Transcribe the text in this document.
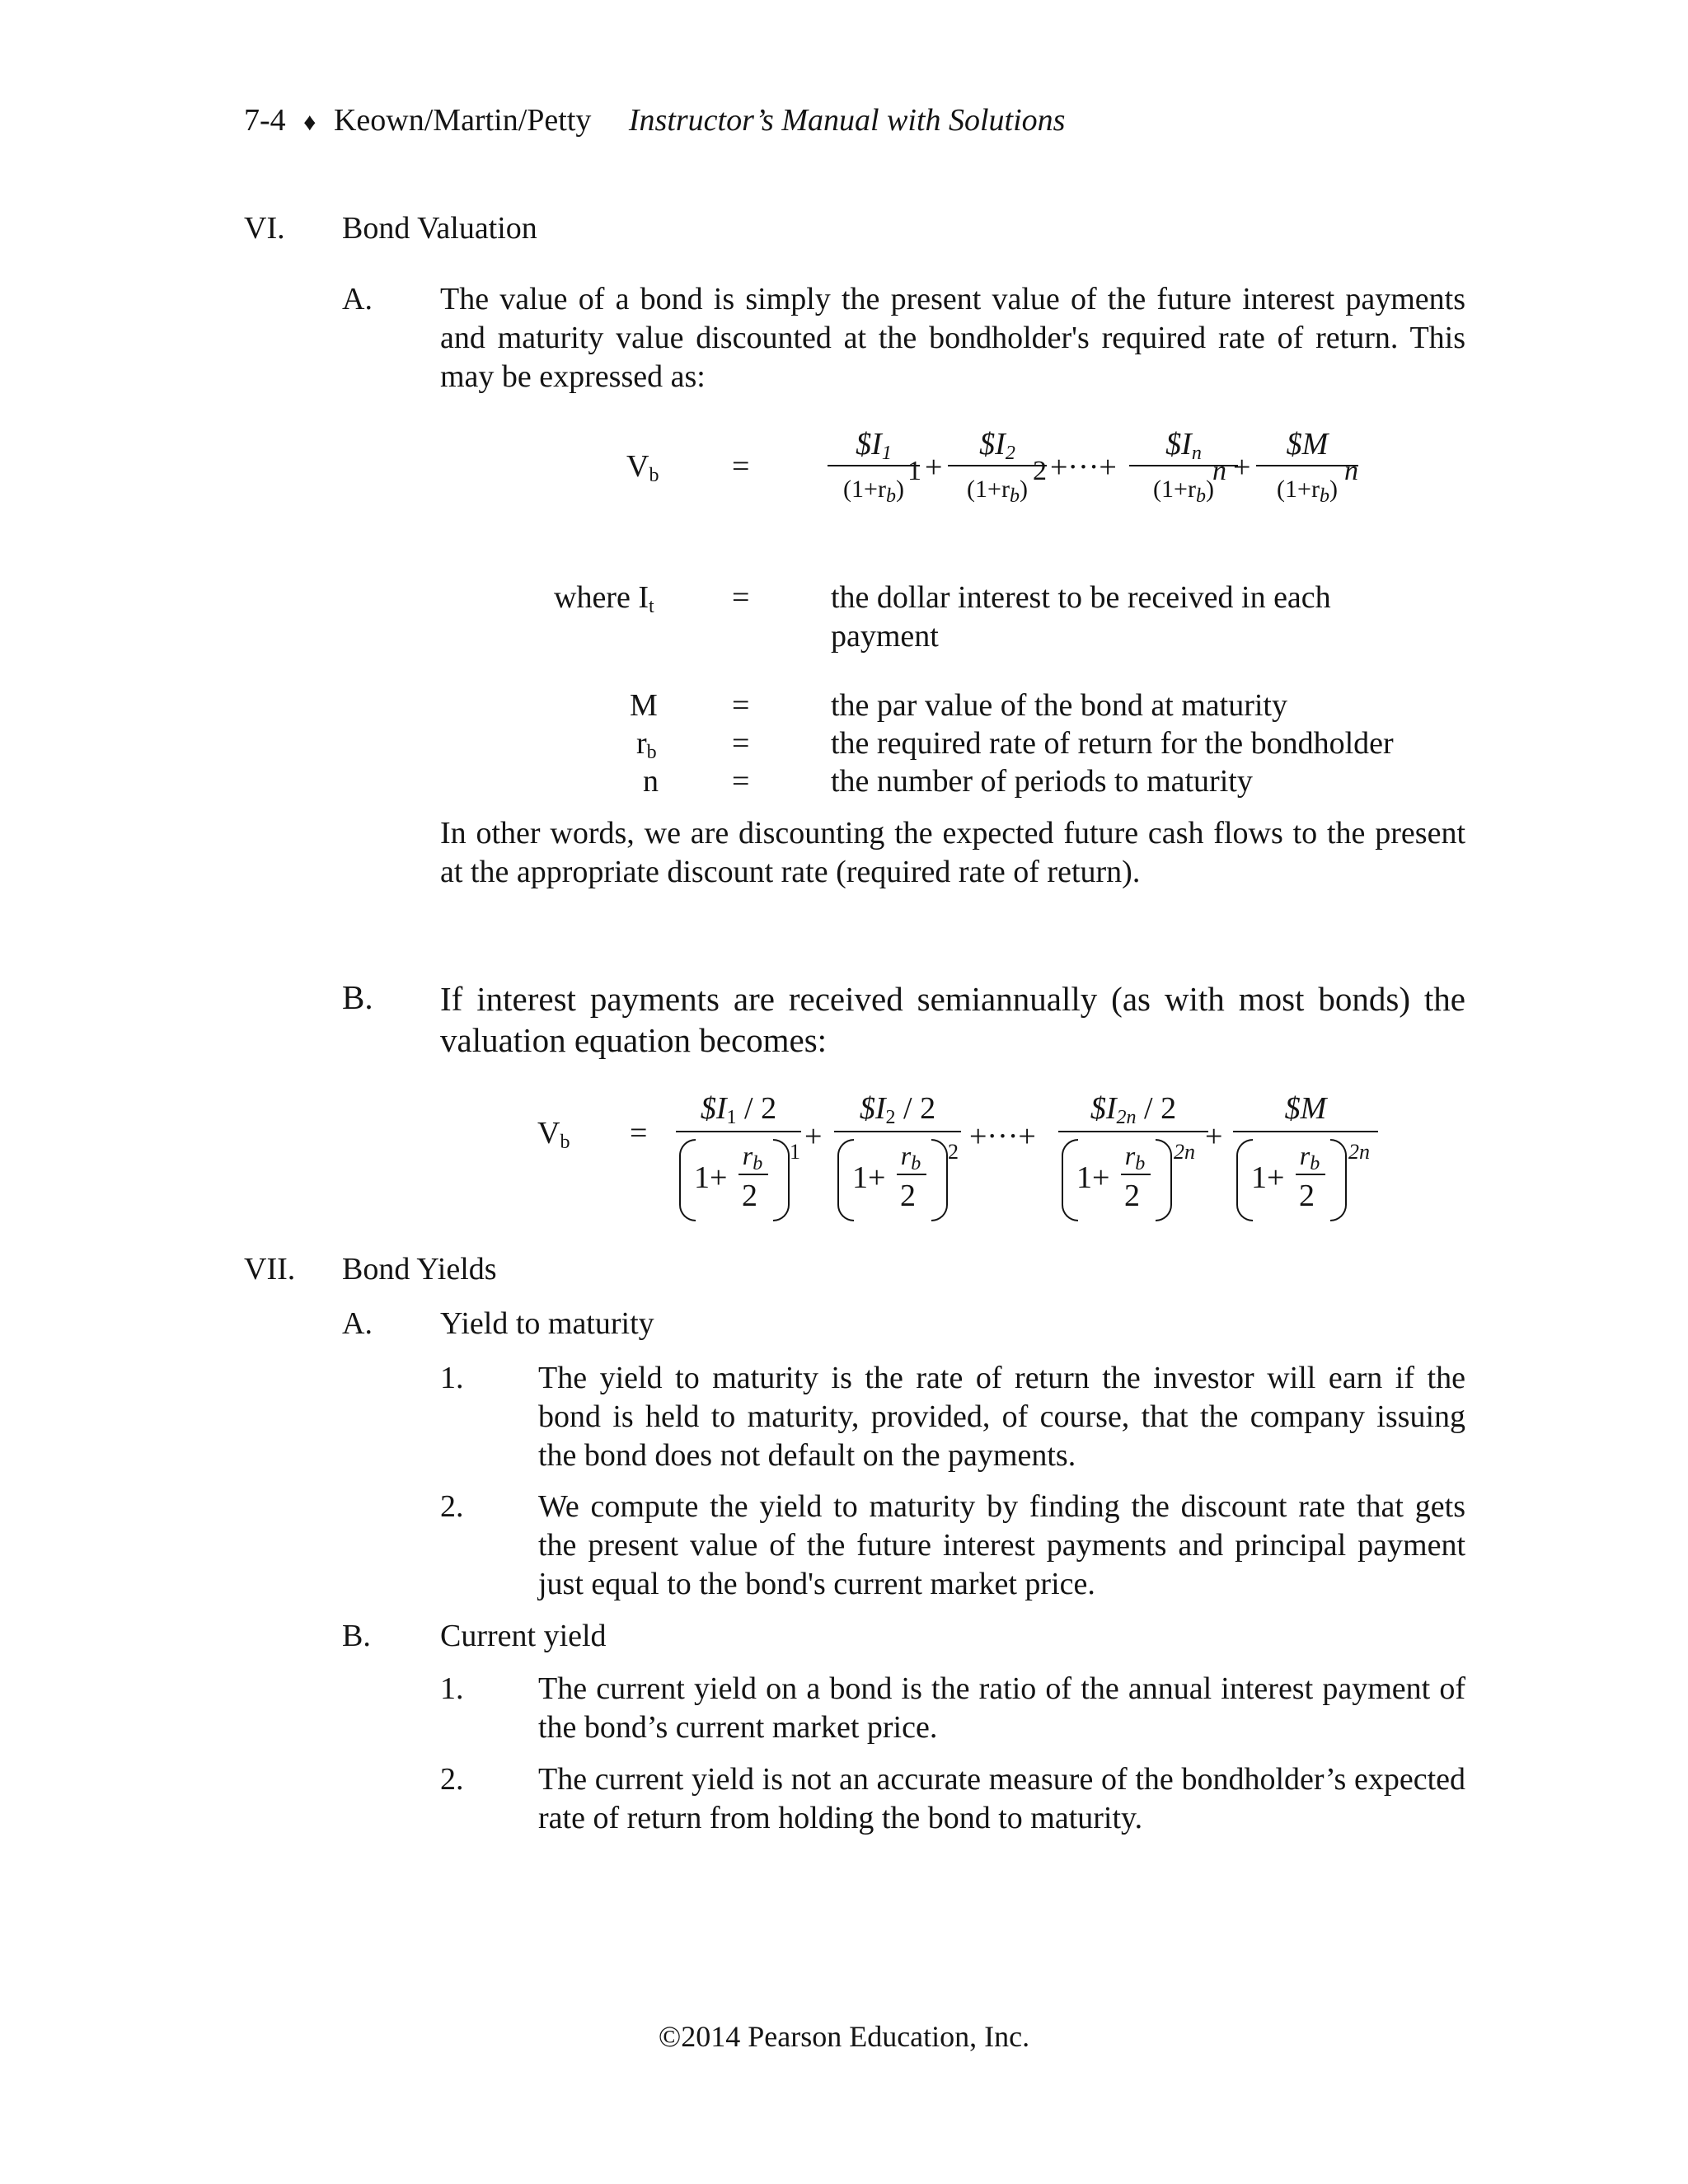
7-4 ♦ Keown/Martin/Petty Instructor’s Manual with Solutions
VI. Bond Valuation
A. The value of a bond is simply the present value of the future interest payments and maturity value discounted at the bondholder's required rate of return. This may be expressed as:
$V_b$ =
$\$I_1$
$(1+r_b)$
1 +
$\$I_2$
$(1+r_b)$
2 +···+
$\$I_n$
$(1+r_b)$
n +
$M
$(1+r_b)$
n
where $I_t$ =	the dollar interest to be received in each payment
M =	the par value of the bond at maturity
$r_b$ =	the required rate of return for the bondholder
n =	the number of periods to maturity
In other words, we are discounting the expected future cash flows to the present at the appropriate discount rate (required rate of return).
B. If interest payments are received semiannually (as with most bonds) the valuation equation becomes:
$V_b$ =
$\$I_1 / 2$
1+
$r_b$
2
1 +
$\$I_2 / 2$
1+
$r_b$
2
2 +···+
$\$I_{2n} / 2$
1+
$r_b$
2
2n +
$M
1+
$r_b$
2
2n
VII. Bond Yields
A. Yield to maturity
1. The yield to maturity is the rate of return the investor will earn if the bond is held to maturity, provided, of course, that the company issuing the bond does not default on the payments.
2. We compute the yield to maturity by finding the discount rate that gets the present value of the future interest payments and principal payment just equal to the bond's current market price.
B. Current yield
1. The current yield on a bond is the ratio of the annual interest payment of the bond’s current market price.
2. The current yield is not an accurate measure of the bondholder’s expected rate of return from holding the bond to maturity.
©2014 Pearson Education, Inc.
